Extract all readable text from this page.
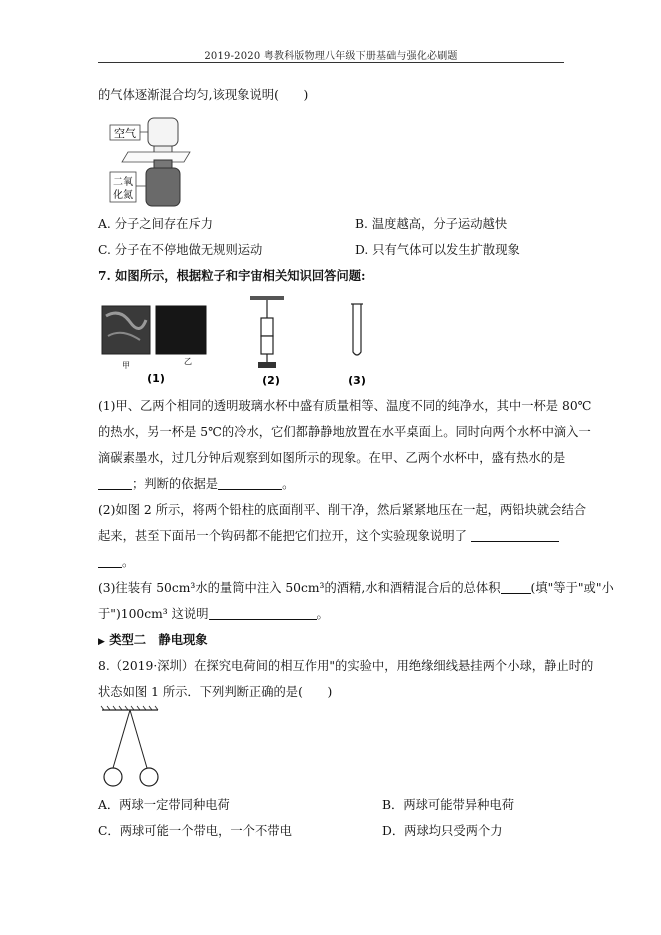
2019-2020 粤教科版物理八年级下册基础与强化必刷题
的气体逐渐混合均匀,该现象说明(　　)
空气
二氧
化氮
A. 分子之间存在斥力	B. 温度越高，分子运动越快
C. 分子在不停地做无规则运动	D. 只有气体可以发生扩散现象
7. 如图所示，根据粒子和宇宙相关知识回答问题:
甲	乙
(1)	(2)	(3)
(1)甲、乙两个相同的透明玻璃水杯中盛有质量相等、温度不同的纯净水，其中一杯是 80℃
的热水，另一杯是 5℃的冷水，它们都静静地放置在水平桌面上。同时向两个水杯中滴入一
滴碳素墨水，过几分钟后观察到如图所示的现象。在甲、乙两个水杯中，盛有热水的是
；判断的依据是	。
(2)如图 2 所示，将两个铅柱的底面削平、削干净，然后紧紧地压在一起，两铅块就会结合
起来，甚至下面吊一个钩码都不能把它们拉开，这个实验现象说明了
。
(3)往装有 50cm³水的量筒中注入 50cm³的酒精,水和酒精混合后的总体积 (填"等于"或"小
于")100cm³ 这说明	。
▶ 类型二　静电现象
8.（2019·深圳）在探究电荷间的相互作用"的实验中，用绝缘细线悬挂两个小球，静止时的
状态如图 1 所示．下列判断正确的是(　　)
A．两球一定带同种电荷	B．两球可能带异种电荷
C．两球可能一个带电，一个不带电	D．两球均只受两个力
